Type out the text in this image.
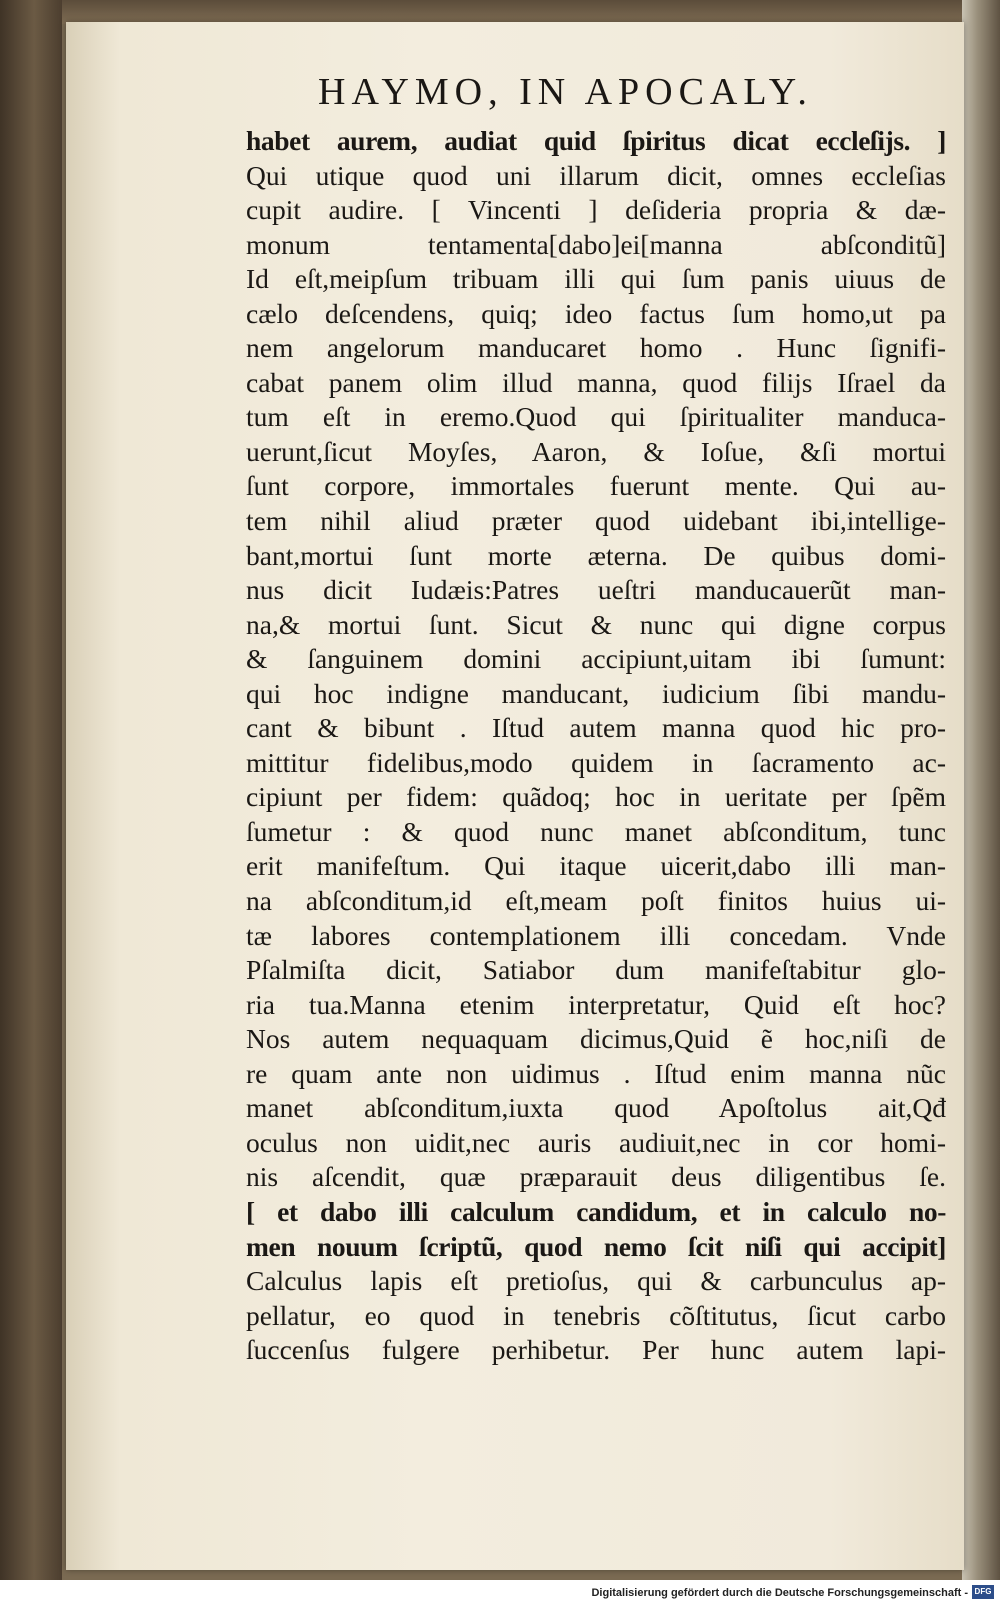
HAYMO, IN APOCALY.
habet aurem, audiat quid ſpiritus dicat eccleſijs. ]
Qui utique quod uni illarum dicit, omnes eccleſias
cupit audire. [ Vincenti ] deſideria propria & dæ-
monum tentamenta[dabo]ei[manna abſconditũ]
Id eſt,meipſum tribuam illi qui ſum panis uiuus de
cælo deſcendens, quiq; ideo factus ſum homo,ut pa
nem angelorum manducaret homo . Hunc ſignifi-
cabat panem olim illud manna, quod filijs Iſrael da
tum eſt in eremo.Quod qui ſpiritualiter manduca-
uerunt,ſicut Moyſes, Aaron, & Ioſue, &ſi mortui
ſunt corpore, immortales fuerunt mente. Qui au-
tem nihil aliud præter quod uidebant ibi,intellige-
bant,mortui ſunt morte æterna. De quibus domi-
nus dicit Iudæis:Patres ueſtri manducauerũt man-
na,& mortui ſunt. Sicut & nunc qui digne corpus
& ſanguinem domini accipiunt,uitam ibi ſumunt:
qui hoc indigne manducant, iudicium ſibi mandu-
cant & bibunt . Iſtud autem manna quod hic pro-
mittitur fidelibus,modo quidem in ſacramento ac-
cipiunt per fidem: quãdoq; hoc in ueritate per ſpẽm
ſumetur : & quod nunc manet abſconditum, tunc
erit manifeſtum. Qui itaque uicerit,dabo illi man-
na abſconditum,id eſt,meam poſt finitos huius ui-
tæ labores contemplationem illi concedam. Vnde
Pſalmiſta dicit, Satiabor dum manifeſtabitur glo-
ria tua.Manna etenim interpretatur, Quid eſt hoc?
Nos autem nequaquam dicimus,Quid ẽ hoc,niſi de
re quam ante non uidimus . Iſtud enim manna nũc
manet abſconditum,iuxta quod Apoſtolus ait,Qđ
oculus non uidit,nec auris audiuit,nec in cor homi-
nis aſcendit, quæ præparauit deus diligentibus ſe.
[ et dabo illi calculum candidum, et in calculo no-
men nouum ſcriptũ, quod nemo ſcit niſi qui accipit]
Calculus lapis eſt pretioſus, qui & carbunculus ap-
pellatur, eo quod in tenebris cõſtitutus, ſicut carbo
ſuccenſus fulgere perhibetur. Per hunc autem lapi-
Digitalisierung gefördert durch die Deutsche Forschungsgemeinschaft - DFG
